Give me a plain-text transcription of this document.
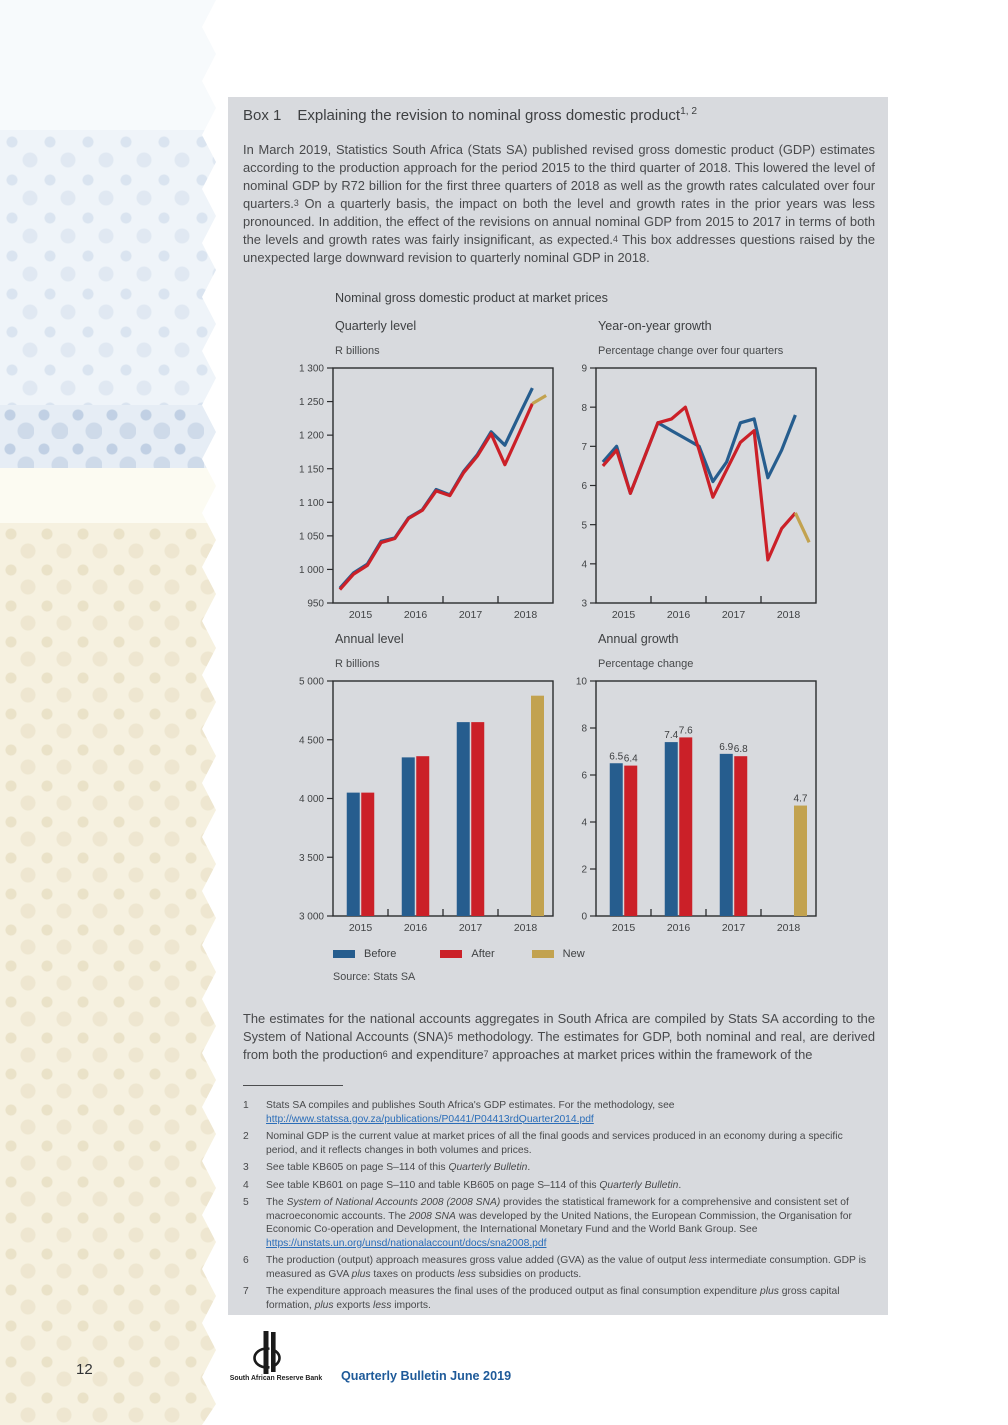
Box 1 Explaining the revision to nominal gross domestic product$^{1, 2}$
In March 2019, Statistics South Africa (Stats SA) published revised gross domestic product (GDP) estimates according to the production approach for the period 2015 to the third quarter of 2018. This lowered the level of nominal GDP by R72 billion for the first three quarters of 2018 as well as the growth rates calculated over four quarters.$^3$ On a quarterly basis, the impact on both the level and growth rates in the prior years was less pronounced. In addition, the effect of the revisions on annual nominal GDP from 2015 to 2017 in terms of both the levels and growth rates was fairly insignificant, as expected.$^4$ This box addresses questions raised by the unexpected large downward revision to quarterly nominal GDP in 2018.
Nominal gross domestic product at market prices
Quarterly level	Year-on-year growth
R billions	Percentage change over four quarters
1 300
1 250
1 200
1 150
1 100
1 050
1 000
950
2015	2016	2017	2018
9
8
7
6
5
4
3
2015	2016	2017	2018
Annual level	Annual growth
R billions	Percentage change
5 000
4 500
4 000
3 500
3 000
2015	2016	2017	2018
10
8
6
4
2
0
2015	2016	2017	2018
6.5 6.4
7.4 7.6
6.9 6.8
4.7
Before	After	New
Source: Stats SA
The estimates for the national accounts aggregates in South Africa are compiled by Stats SA according to the System of National Accounts (SNA)$^5$ methodology. The estimates for GDP, both nominal and real, are derived from both the production$^6$ and expenditure$^7$ approaches at market prices within the framework of the
1	Stats SA compiles and publishes South Africa's GDP estimates. For the methodology, see http://www.statssa.gov.za/publications/P0441/P04413rdQuarter2014.pdf
2	Nominal GDP is the current value at market prices of all the final goods and services produced in an economy during a specific period, and it reflects changes in both volumes and prices.
3	See table KB605 on page S–114 of this Quarterly Bulletin.
4	See table KB601 on page S–110 and table KB605 on page S–114 of this Quarterly Bulletin.
5	The System of National Accounts 2008 (2008 SNA) provides the statistical framework for a comprehensive and consistent set of macroeconomic accounts. The 2008 SNA was developed by the United Nations, the European Commission, the Organisation for Economic Co-operation and Development, the International Monetary Fund and the World Bank Group. See https://unstats.un.org/unsd/nationalaccount/docs/sna2008.pdf
6	The production (output) approach measures gross value added (GVA) as the value of output less intermediate consumption. GDP is measured as GVA plus taxes on products less subsidies on products.
7	The expenditure approach measures the final uses of the produced output as final consumption expenditure plus gross capital formation, plus exports less imports.
12
South African Reserve Bank Quarterly Bulletin June 2019
